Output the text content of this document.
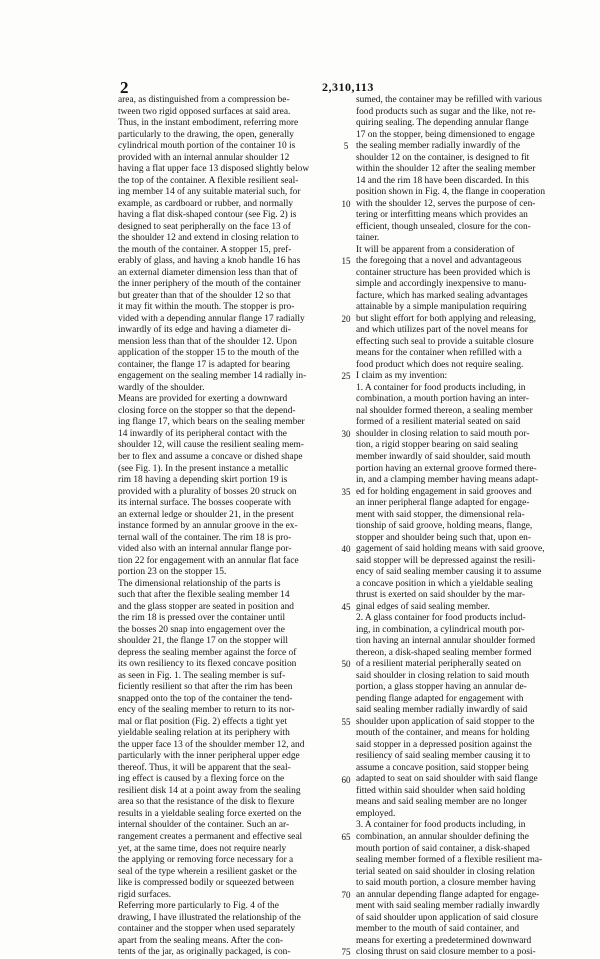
2	2,310,113
area, as distinguished from a compression be-
tween two rigid opposed surfaces at said area.
Thus, in the instant embodiment, referring more
particularly to the drawing, the open, generally
cylindrical mouth portion of the container 10 is
provided with an internal annular shoulder 12
having a flat upper face 13 disposed slightly below
the top of the container. A flexible resilient seal-
ing member 14 of any suitable material such, for
example, as cardboard or rubber, and normally
having a flat disk-shaped contour (see Fig. 2) is
designed to seat peripherally on the face 13 of
the shoulder 12 and extend in closing relation to
the mouth of the container. A stopper 15, pref-
erably of glass, and having a knob handle 16 has
an external diameter dimension less than that of
the inner periphery of the mouth of the container
but greater than that of the shoulder 12 so that
it may fit within the mouth. The stopper is pro-
vided with a depending annular flange 17 radially
inwardly of its edge and having a diameter di-
mension less than that of the shoulder 12. Upon
application of the stopper 15 to the mouth of the
container, the flange 17 is adapted for bearing
engagement on the sealing member 14 radially in-
wardly of the shoulder.
Means are provided for exerting a downward
closing force on the stopper so that the depend-
ing flange 17, which bears on the sealing member
14 inwardly of its peripheral contact with the
shoulder 12, will cause the resilient sealing mem-
ber to flex and assume a concave or dished shape
(see Fig. 1). In the present instance a metallic
rim 18 having a depending skirt portion 19 is
provided with a plurality of bosses 20 struck on
its internal surface. The bosses cooperate with
an external ledge or shoulder 21, in the present
instance formed by an annular groove in the ex-
ternal wall of the container. The rim 18 is pro-
vided also with an internal annular flange por-
tion 22 for engagement with an annular flat face
portion 23 on the stopper 15.
The dimensional relationship of the parts is
such that after the flexible sealing member 14
and the glass stopper are seated in position and
the rim 18 is pressed over the container until
the bosses 20 snap into engagement over the
shoulder 21, the flange 17 on the stopper will
depress the sealing member against the force of
its own resiliency to its flexed concave position
as seen in Fig. 1. The sealing member is suf-
ficiently resilient so that after the rim has been
snapped onto the top of the container the tend-
ency of the sealing member to return to its nor-
mal or flat position (Fig. 2) effects a tight yet
yieldable sealing relation at its periphery with
the upper face 13 of the shoulder member 12, and
particularly with the inner peripheral upper edge
thereof. Thus, it will be apparent that the seal-
ing effect is caused by a flexing force on the
resilient disk 14 at a point away from the sealing
area so that the resistance of the disk to flexure
results in a yieldable sealing force exerted on the
internal shoulder of the container. Such an ar-
rangement creates a permanent and effective seal
yet, at the same time, does not require nearly
the applying or removing force necessary for a
seal of the type wherein a resilient gasket or the
like is compressed bodily or squeezed between
rigid surfaces.
Referring more particularly to Fig. 4 of the
drawing, I have illustrated the relationship of the
container and the stopper when used separately
apart from the sealing means. After the con-
tents of the jar, as originally packaged, is con-
5
10
15
20
25
30
35
40
45
50
55
60
65
70
75
sumed, the container may be refilled with various
food products such as sugar and the like, not re-
quiring sealing. The depending annular flange
17 on the stopper, being dimensioned to engage
the sealing member radially inwardly of the
shoulder 12 on the container, is designed to fit
within the shoulder 12 after the sealing member
14 and the rim 18 have been discarded. In this
position shown in Fig. 4, the flange in cooperation
with the shoulder 12, serves the purpose of cen-
tering or interfitting means which provides an
efficient, though unsealed, closure for the con-
tainer.
It will be apparent from a consideration of
the foregoing that a novel and advantageous
container structure has been provided which is
simple and accordingly inexpensive to manu-
facture, which has marked sealing advantages
attainable by a simple manipulation requiring
but slight effort for both applying and releasing,
and which utilizes part of the novel means for
effecting such seal to provide a suitable closure
means for the container when refilled with a
food product which does not require sealing.
I claim as my invention:
1. A container for food products including, in
combination, a mouth portion having an inter-
nal shoulder formed thereon, a sealing member
formed of a resilient material seated on said
shoulder in closing relation to said mouth por-
tion, a rigid stopper bearing on said sealing
member inwardly of said shoulder, said mouth
portion having an external groove formed there-
in, and a clamping member having means adapt-
ed for holding engagement in said grooves and
an inner peripheral flange adapted for engage-
ment with said stopper, the dimensional rela-
tionship of said groove, holding means, flange,
stopper and shoulder being such that, upon en-
gagement of said holding means with said groove,
said stopper will be depressed against the resili-
ency of said sealing member causing it to assume
a concave position in which a yieldable sealing
thrust is exerted on said shoulder by the mar-
ginal edges of said sealing member.
2. A glass container for food products includ-
ing, in combination, a cylindrical mouth por-
tion having an internal annular shoulder formed
thereon, a disk-shaped sealing member formed
of a resilient material peripherally seated on
said shoulder in closing relation to said mouth
portion, a glass stopper having an annular de-
pending flange adapted for engagement with
said sealing member radially inwardly of said
shoulder upon application of said stopper to the
mouth of the container, and means for holding
said stopper in a depressed position against the
resiliency of said sealing member causing it to
assume a concave position, said stopper being
adapted to seat on said shoulder with said flange
fitted within said shoulder when said holding
means and said sealing member are no longer
employed.
3. A container for food products including, in
combination, an annular shoulder defining the
mouth portion of said container, a disk-shaped
sealing member formed of a flexible resilient ma-
terial seated on said shoulder in closing relation
to said mouth portion, a closure member having
an annular depending flange adapted for engage-
ment with said sealing member radially inwardly
of said shoulder upon application of said closure
member to the mouth of said container, and
means for exerting a predetermined downward
closing thrust on said closure member to a posi-
